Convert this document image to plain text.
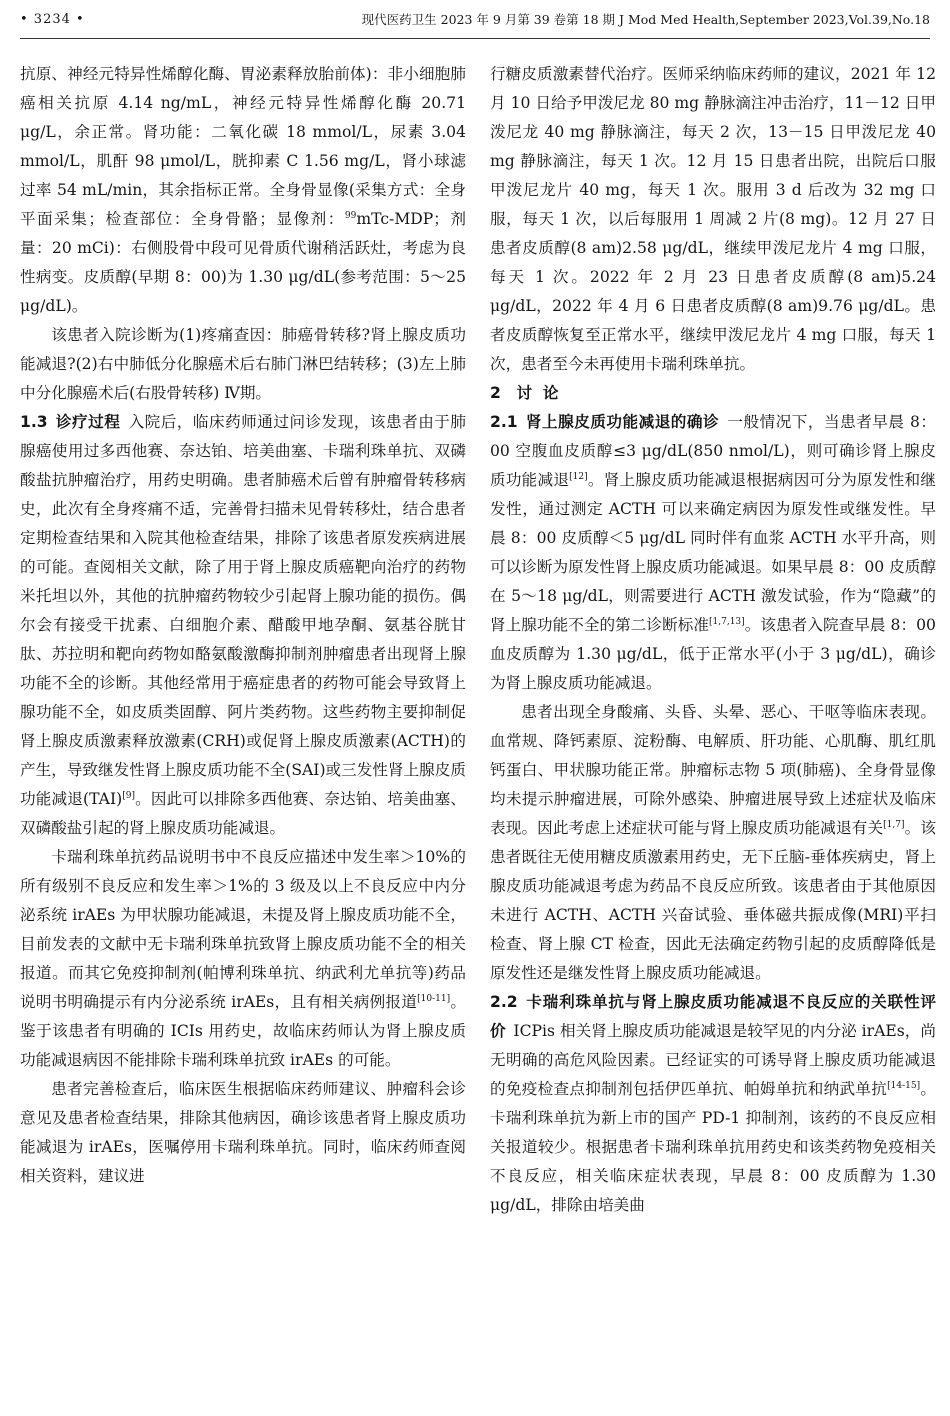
• 3234 •	现代医药卫生 2023 年 9 月第 39 卷第 18 期 J Mod Med Health,September 2023,Vol.39,No.18

抗原、神经元特异性烯醇化酶、胃泌素释放胎前体)：非小细胞肺癌相关抗原 4.14 ng/mL，神经元特异性烯醇化酶 20.71 μg/L，余正常。肾功能：二氧化碳 18 mmol/L，尿素 3.04 mmol/L，肌酐 98 μmol/L，胱抑素 C 1.56 mg/L，肾小球滤过率 54 mL/min，其余指标正常。全身骨显像(采集方式：全身平面采集；检查部位：全身骨骼；显像剂：$^{99}$mTc-MDP；剂量：20 mCi)：右侧股骨中段可见骨质代谢稍活跃灶，考虑为良性病变。皮质醇(早期 8：00)为 1.30 μg/dL(参考范围：5～25 μg/dL)。

该患者入院诊断为(1)疼痛查因：肺癌骨转移?肾上腺皮质功能减退?(2)右中肺低分化腺癌术后右肺门淋巴结转移；(3)左上肺中分化腺癌术后(右股骨转移) Ⅳ期。

1.3  诊疗过程  入院后，临床药师通过问诊发现，该患者由于肺腺癌使用过多西他赛、奈达铂、培美曲塞、卡瑞利珠单抗、双磷酸盐抗肿瘤治疗，用药史明确。患者肺癌术后曾有肿瘤骨转移病史，此次有全身疼痛不适，完善骨扫描未见骨转移灶，结合患者定期检查结果和入院其他检查结果，排除了该患者原发疾病进展的可能。查阅相关文献，除了用于肾上腺皮质癌靶向治疗的药物米托坦以外，其他的抗肿瘤药物较少引起肾上腺功能的损伤。偶尔会有接受干扰素、白细胞介素、醋酸甲地孕酮、氨基谷胱甘肽、苏拉明和靶向药物如酪氨酸激酶抑制剂肿瘤患者出现肾上腺功能不全的诊断。其他经常用于癌症患者的药物可能会导致肾上腺功能不全，如皮质类固醇、阿片类药物。这些药物主要抑制促肾上腺皮质激素释放激素(CRH)或促肾上腺皮质激素(ACTH)的产生，导致继发性肾上腺皮质功能不全(SAI)或三发性肾上腺皮质功能减退(TAI)[9]。因此可以排除多西他赛、奈达铂、培美曲塞、双磷酸盐引起的肾上腺皮质功能减退。

卡瑞利珠单抗药品说明书中不良反应描述中发生率＞10%的所有级别不良反应和发生率＞1%的 3 级及以上不良反应中内分泌系统 irAEs 为甲状腺功能减退，未提及肾上腺皮质功能不全，目前发表的文献中无卡瑞利珠单抗致肾上腺皮质功能不全的相关报道。而其它免疫抑制剂(帕博利珠单抗、纳武利尤单抗等)药品说明书明确提示有内分泌系统 irAEs，且有相关病例报道[10-11]。鉴于该患者有明确的 ICIs 用药史，故临床药师认为肾上腺皮质功能减退病因不能排除卡瑞利珠单抗致 irAEs 的可能。

患者完善检查后，临床医生根据临床药师建议、肿瘤科会诊意见及患者检查结果，排除其他病因，确诊该患者肾上腺皮质功能减退为 irAEs，医嘱停用卡瑞利珠单抗。同时，临床药师查阅相关资料，建议进

行糖皮质激素替代治疗。医师采纳临床药师的建议，2021 年 12 月 10 日给予甲泼尼龙 80 mg 静脉滴注冲击治疗，11－12 日甲泼尼龙 40 mg 静脉滴注，每天 2 次，13－15 日甲泼尼龙 40 mg 静脉滴注，每天 1 次。12 月 15 日患者出院，出院后口服甲泼尼龙片 40 mg，每天 1 次。服用 3 d 后改为 32 mg 口服，每天 1 次，以后每服用 1 周减 2 片(8 mg)。12 月 27 日患者皮质醇(8 am)2.58 μg/dL，继续甲泼尼龙片 4 mg 口服，每天 1 次。2022 年 2 月 23 日患者皮质醇(8 am)5.24 μg/dL，2022 年 4 月 6 日患者皮质醇(8 am)9.76 μg/dL。患者皮质醇恢复至正常水平，继续甲泼尼龙片 4 mg 口服，每天 1 次，患者至今未再使用卡瑞利珠单抗。

2  讨  论

2.1  肾上腺皮质功能减退的确诊  一般情况下，当患者早晨 8：00 空腹血皮质醇≤3 μg/dL(850 nmol/L)，则可确诊肾上腺皮质功能减退[12]。肾上腺皮质功能减退根据病因可分为原发性和继发性，通过测定 ACTH 可以来确定病因为原发性或继发性。早晨 8：00 皮质醇＜5 μg/dL 同时伴有血浆 ACTH 水平升高，则可以诊断为原发性肾上腺皮质功能减退。如果早晨 8：00 皮质醇在 5～18 μg/dL，则需要进行 ACTH 激发试验，作为“隐藏”的肾上腺功能不全的第二诊断标准[1,7,13]。该患者入院查早晨 8：00 血皮质醇为 1.30 μg/dL，低于正常水平(小于 3 μg/dL)，确诊为肾上腺皮质功能减退。

患者出现全身酸痛、头昏、头晕、恶心、干呕等临床表现。血常规、降钙素原、淀粉酶、电解质、肝功能、心肌酶、肌红肌钙蛋白、甲状腺功能正常。肿瘤标志物 5 项(肺癌)、全身骨显像均未提示肿瘤进展，可除外感染、肿瘤进展导致上述症状及临床表现。因此考虑上述症状可能与肾上腺皮质功能减退有关[1,7]。该患者既往无使用糖皮质激素用药史，无下丘脑-垂体疾病史，肾上腺皮质功能减退考虑为药品不良反应所致。该患者由于其他原因未进行 ACTH、ACTH 兴奋试验、垂体磁共振成像(MRI)平扫检查、肾上腺 CT 检查，因此无法确定药物引起的皮质醇降低是原发性还是继发性肾上腺皮质功能减退。

2.2  卡瑞利珠单抗与肾上腺皮质功能减退不良反应的关联性评价  ICPis 相关肾上腺皮质功能减退是较罕见的内分泌 irAEs，尚无明确的高危风险因素。已经证实的可诱导肾上腺皮质功能减退的免疫检查点抑制剂包括伊匹单抗、帕姆单抗和纳武单抗[14-15]。卡瑞利珠单抗为新上市的国产 PD-1 抑制剂，该药的不良反应相关报道较少。根据患者卡瑞利珠单抗用药史和该类药物免疫相关不良反应，相关临床症状表现，早晨 8：00 皮质醇为 1.30 μg/dL，排除由培美曲
